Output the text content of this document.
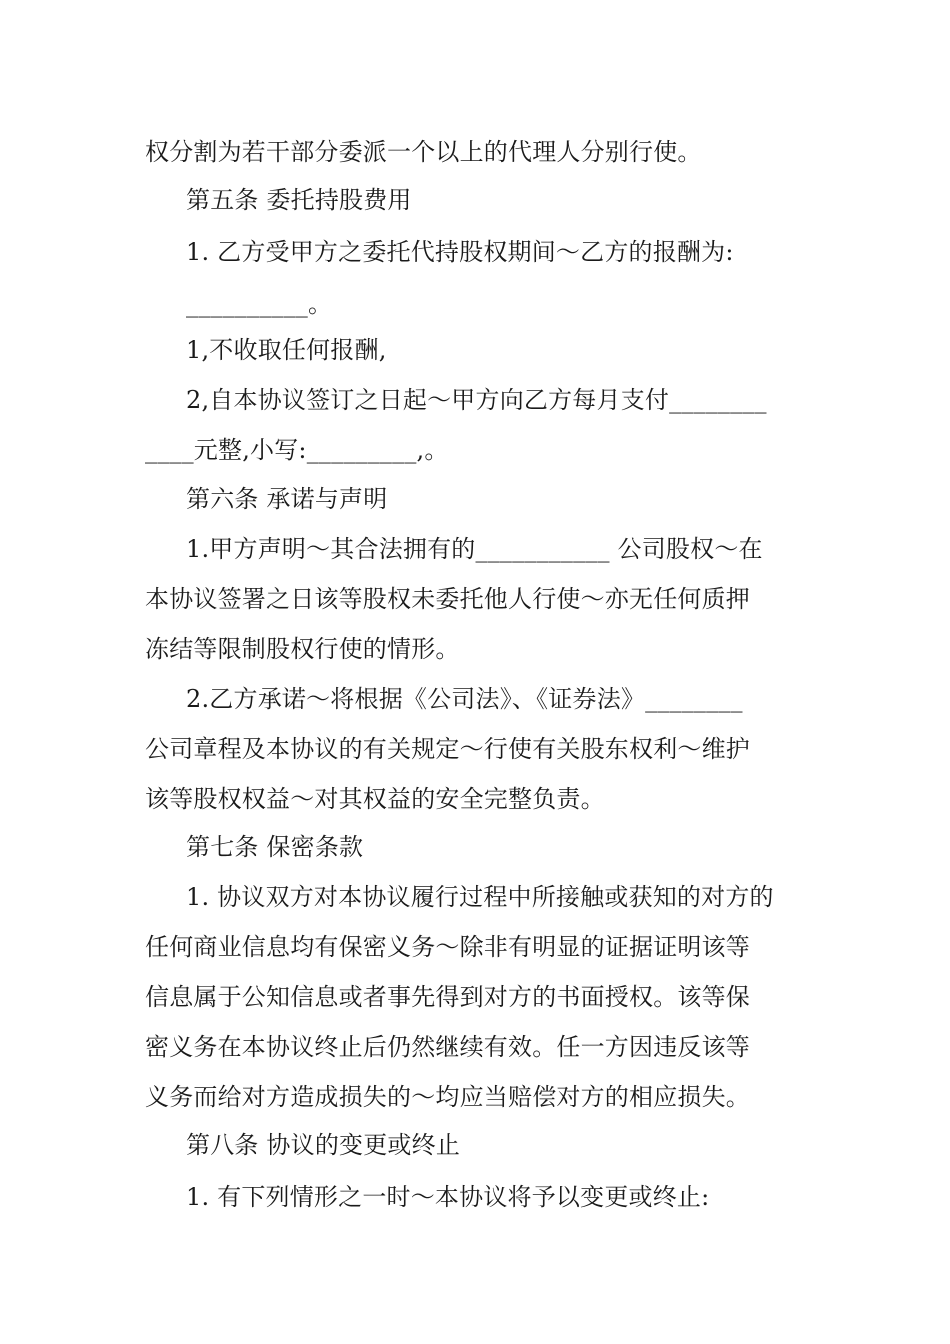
权分割为若干部分委派一个以上的代理人分别行使。
第五条 委托持股费用
1. 乙方受甲方之委托代持股权期间～乙方的报酬为:
__________。
1,不收取任何报酬,
2,自本协议签订之日起～甲方向乙方每月支付________
____元整,小写:_________,。
第六条 承诺与声明
1.甲方声明～其合法拥有的___________ 公司股权～在
本协议签署之日该等股权未委托他人行使～亦无任何质押
冻结等限制股权行使的情形。
2.乙方承诺～将根据《公司法》、《证券法》________
公司章程及本协议的有关规定～行使有关股东权利～维护
该等股权权益～对其权益的安全完整负责。
第七条 保密条款
1. 协议双方对本协议履行过程中所接触或获知的对方的
任何商业信息均有保密义务～除非有明显的证据证明该等
信息属于公知信息或者事先得到对方的书面授权。该等保
密义务在本协议终止后仍然继续有效。任一方因违反该等
义务而给对方造成损失的～均应当赔偿对方的相应损失。
第八条 协议的变更或终止
1. 有下列情形之一时～本协议将予以变更或终止:
